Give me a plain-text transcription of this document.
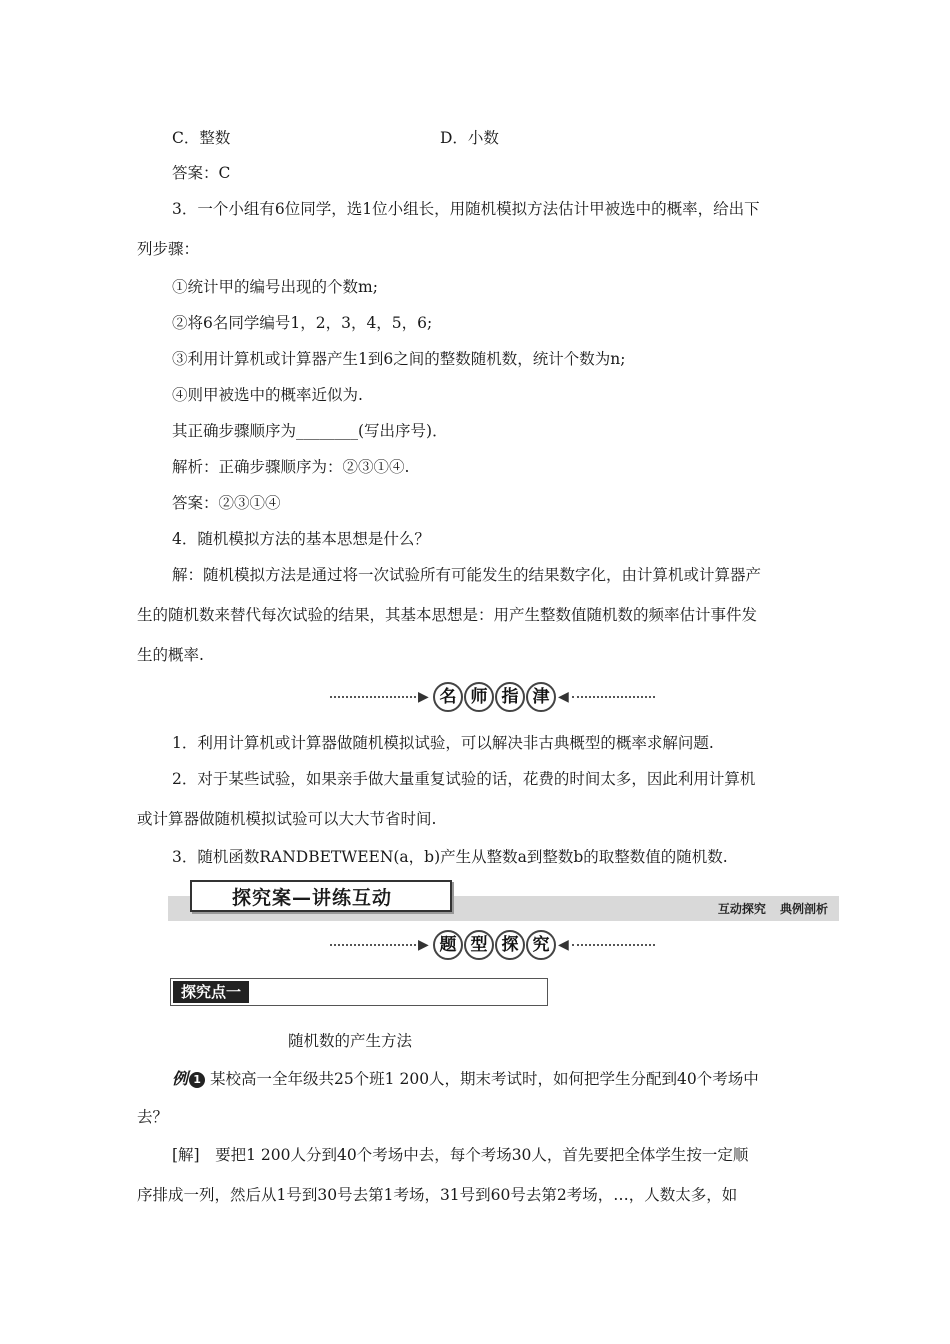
C．整数	D．小数
答案：C
3．一个小组有6位同学，选1位小组长，用随机模拟方法估计甲被选中的概率，给出下
列步骤：
①统计甲的编号出现的个数m;
②将6名同学编号1，2，3，4，5，6;
③利用计算机或计算器产生1到6之间的整数随机数，统计个数为n;
④则甲被选中的概率近似为.
其正确步骤顺序为________(写出序号)．
解析：正确步骤顺序为：②③①④.
答案：②③①④
4．随机模拟方法的基本思想是什么？
解：随机模拟方法是通过将一次试验所有可能发生的结果数字化，由计算机或计算器产
生的随机数来替代每次试验的结果，其基本思想是：用产生整数值随机数的频率估计事件发
生的概率.
▶ 名 师 指 津 ◀
1．利用计算机或计算器做随机模拟试验，可以解决非古典概型的概率求解问题.
2．对于某些试验，如果亲手做大量重复试验的话，花费的时间太多，因此利用计算机
或计算器做随机模拟试验可以大大节省时间.
3．随机函数RANDBETWEEN(a，b)产生从整数a到整数b的取整数值的随机数.
探究案—讲练互动	互动探究 典例剖析
▶ 题 型 探 究 ◀
探究点一
随机数的产生方法
例 1 某校高一全年级共25个班1 200人，期末考试时，如何把学生分配到40个考场中
去？
[解]　要把1 200人分到40个考场中去，每个考场30人，首先要把全体学生按一定顺
序排成一列，然后从1号到30号去第1考场，31号到60号去第2考场，…，人数太多，如
